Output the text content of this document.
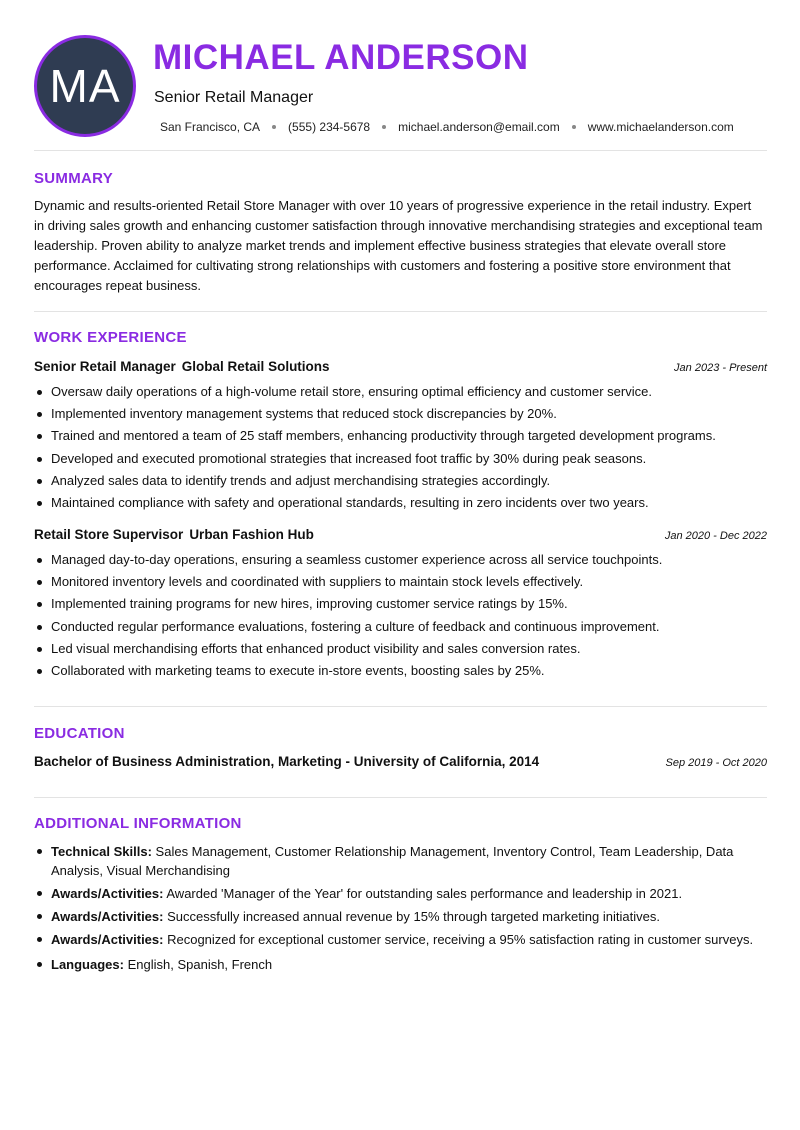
MA
MICHAEL ANDERSON
Senior Retail Manager
San Francisco, CA (555) 234-5678 michael.anderson@email.com www.michaelanderson.com
SUMMARY

Dynamic and results-oriented Retail Store Manager with over 10 years of progressive experience in the retail industry. Expert in driving sales growth and enhancing customer satisfaction through innovative merchandising strategies and exceptional team leadership. Proven ability to analyze market trends and implement effective business strategies that elevate overall store performance. Acclaimed for cultivating strong relationships with customers and fostering a positive store environment that encourages repeat business.

WORK EXPERIENCE
Senior Retail Manager Global Retail Solutions	Jan 2023 - Present
Oversaw daily operations of a high-volume retail store, ensuring optimal efficiency and customer service.
Implemented inventory management systems that reduced stock discrepancies by 20%.
Trained and mentored a team of 25 staff members, enhancing productivity through targeted development programs.
Developed and executed promotional strategies that increased foot traffic by 30% during peak seasons.
Analyzed sales data to identify trends and adjust merchandising strategies accordingly.
Maintained compliance with safety and operational standards, resulting in zero incidents over two years.
Retail Store Supervisor Urban Fashion Hub	Jan 2020 - Dec 2022
Managed day-to-day operations, ensuring a seamless customer experience across all service touchpoints.
Monitored inventory levels and coordinated with suppliers to maintain stock levels effectively.
Implemented training programs for new hires, improving customer service ratings by 15%.
Conducted regular performance evaluations, fostering a culture of feedback and continuous improvement.
Led visual merchandising efforts that enhanced product visibility and sales conversion rates.
Collaborated with marketing teams to execute in-store events, boosting sales by 25%.
EDUCATION
Bachelor of Business Administration, Marketing - University of California, 2014	Sep 2019 - Oct 2020
ADDITIONAL INFORMATION
Technical Skills: Sales Management, Customer Relationship Management, Inventory Control, Team Leadership, Data Analysis, Visual Merchandising
Awards/Activities: Awarded 'Manager of the Year' for outstanding sales performance and leadership in 2021.
Awards/Activities: Successfully increased annual revenue by 15% through targeted marketing initiatives.
Awards/Activities: Recognized for exceptional customer service, receiving a 95% satisfaction rating in customer surveys.
Languages: English, Spanish, French
